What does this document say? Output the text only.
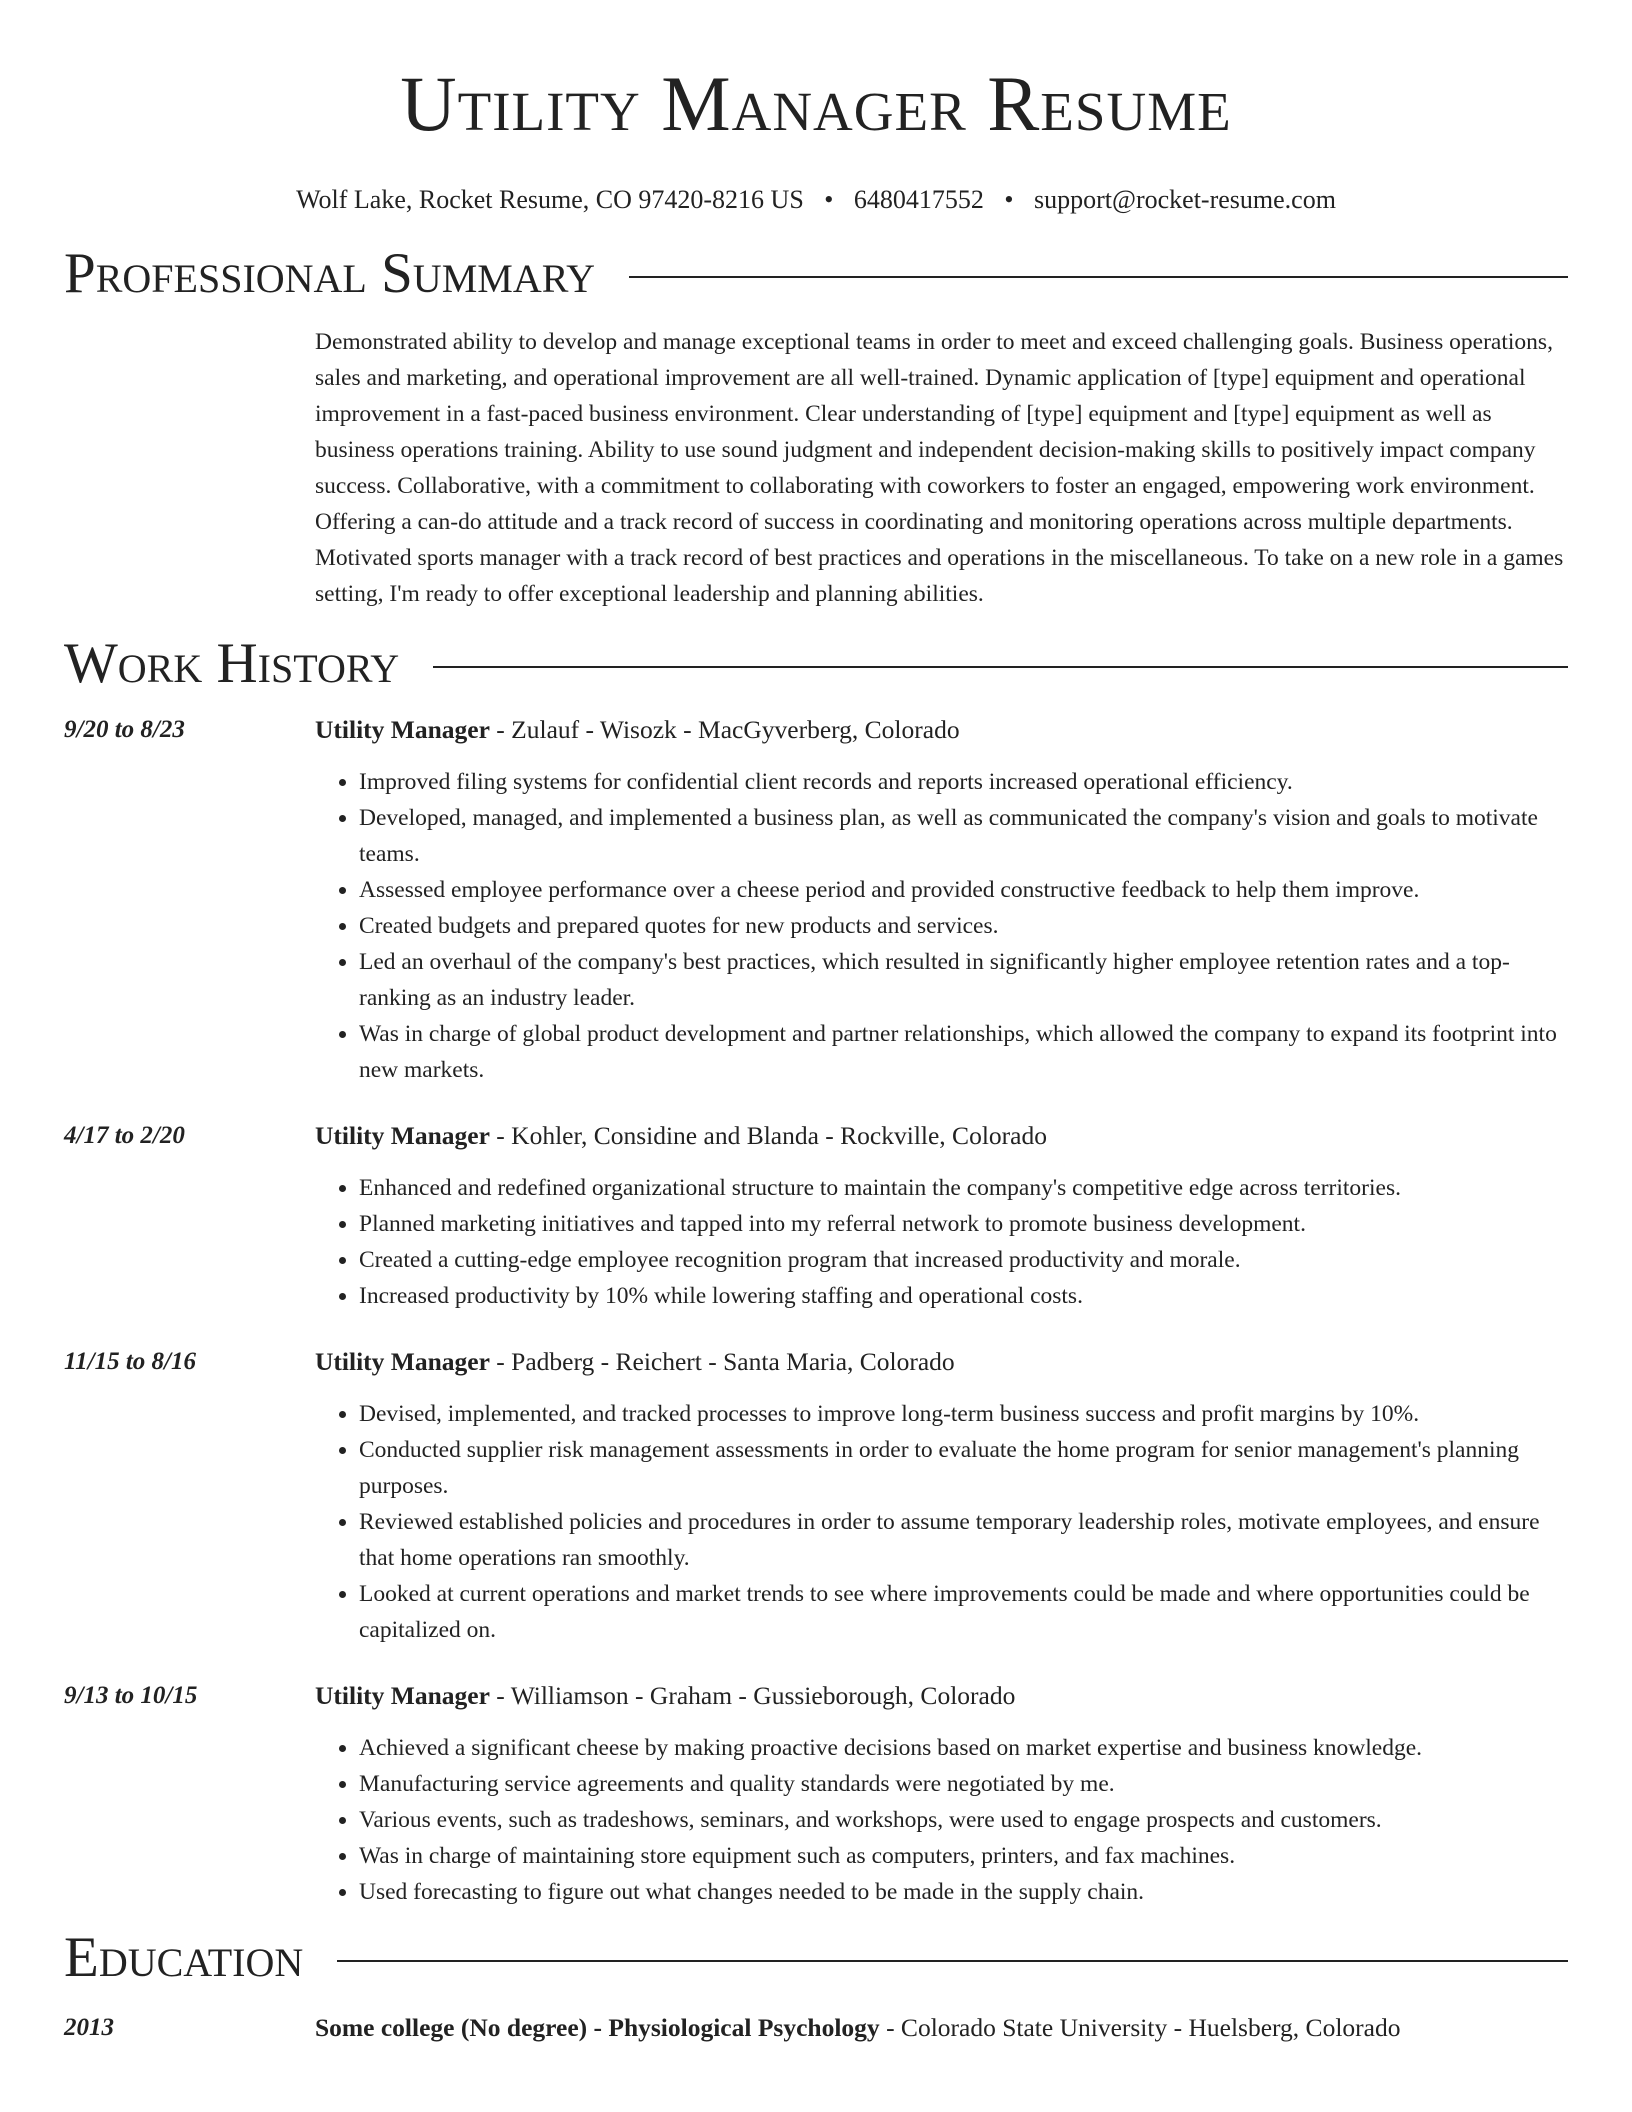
Utility Manager Resume
Wolf Lake, Rocket Resume, CO 97420-8216 US • 6480417552 • support@rocket-resume.com
Professional Summary
Demonstrated ability to develop and manage exceptional teams in order to meet and exceed challenging goals. Business operations, sales and marketing, and operational improvement are all well-trained. Dynamic application of [type] equipment and operational improvement in a fast-paced business environment. Clear understanding of [type] equipment and [type] equipment as well as business operations training. Ability to use sound judgment and independent decision-making skills to positively impact company success. Collaborative, with a commitment to collaborating with coworkers to foster an engaged, empowering work environment. Offering a can-do attitude and a track record of success in coordinating and monitoring operations across multiple departments. Motivated sports manager with a track record of best practices and operations in the miscellaneous. To take on a new role in a games setting, I'm ready to offer exceptional leadership and planning abilities.
Work History
9/20 to 8/23	Utility Manager - Zulauf - Wisozk - MacGyverberg, Colorado
• Improved filing systems for confidential client records and reports increased operational efficiency.
• Developed, managed, and implemented a business plan, as well as communicated the company's vision and goals to motivate teams.
• Assessed employee performance over a cheese period and provided constructive feedback to help them improve.
• Created budgets and prepared quotes for new products and services.
• Led an overhaul of the company's best practices, which resulted in significantly higher employee retention rates and a top-ranking as an industry leader.
• Was in charge of global product development and partner relationships, which allowed the company to expand its footprint into new markets.
4/17 to 2/20	Utility Manager - Kohler, Considine and Blanda - Rockville, Colorado
• Enhanced and redefined organizational structure to maintain the company's competitive edge across territories.
• Planned marketing initiatives and tapped into my referral network to promote business development.
• Created a cutting-edge employee recognition program that increased productivity and morale.
• Increased productivity by 10% while lowering staffing and operational costs.
11/15 to 8/16	Utility Manager - Padberg - Reichert - Santa Maria, Colorado
• Devised, implemented, and tracked processes to improve long-term business success and profit margins by 10%.
• Conducted supplier risk management assessments in order to evaluate the home program for senior management's planning purposes.
• Reviewed established policies and procedures in order to assume temporary leadership roles, motivate employees, and ensure that home operations ran smoothly.
• Looked at current operations and market trends to see where improvements could be made and where opportunities could be capitalized on.
9/13 to 10/15	Utility Manager - Williamson - Graham - Gussieborough, Colorado
• Achieved a significant cheese by making proactive decisions based on market expertise and business knowledge.
• Manufacturing service agreements and quality standards were negotiated by me.
• Various events, such as tradeshows, seminars, and workshops, were used to engage prospects and customers.
• Was in charge of maintaining store equipment such as computers, printers, and fax machines.
• Used forecasting to figure out what changes needed to be made in the supply chain.
Education
2013	Some college (No degree) - Physiological Psychology - Colorado State University - Huelsberg, Colorado
